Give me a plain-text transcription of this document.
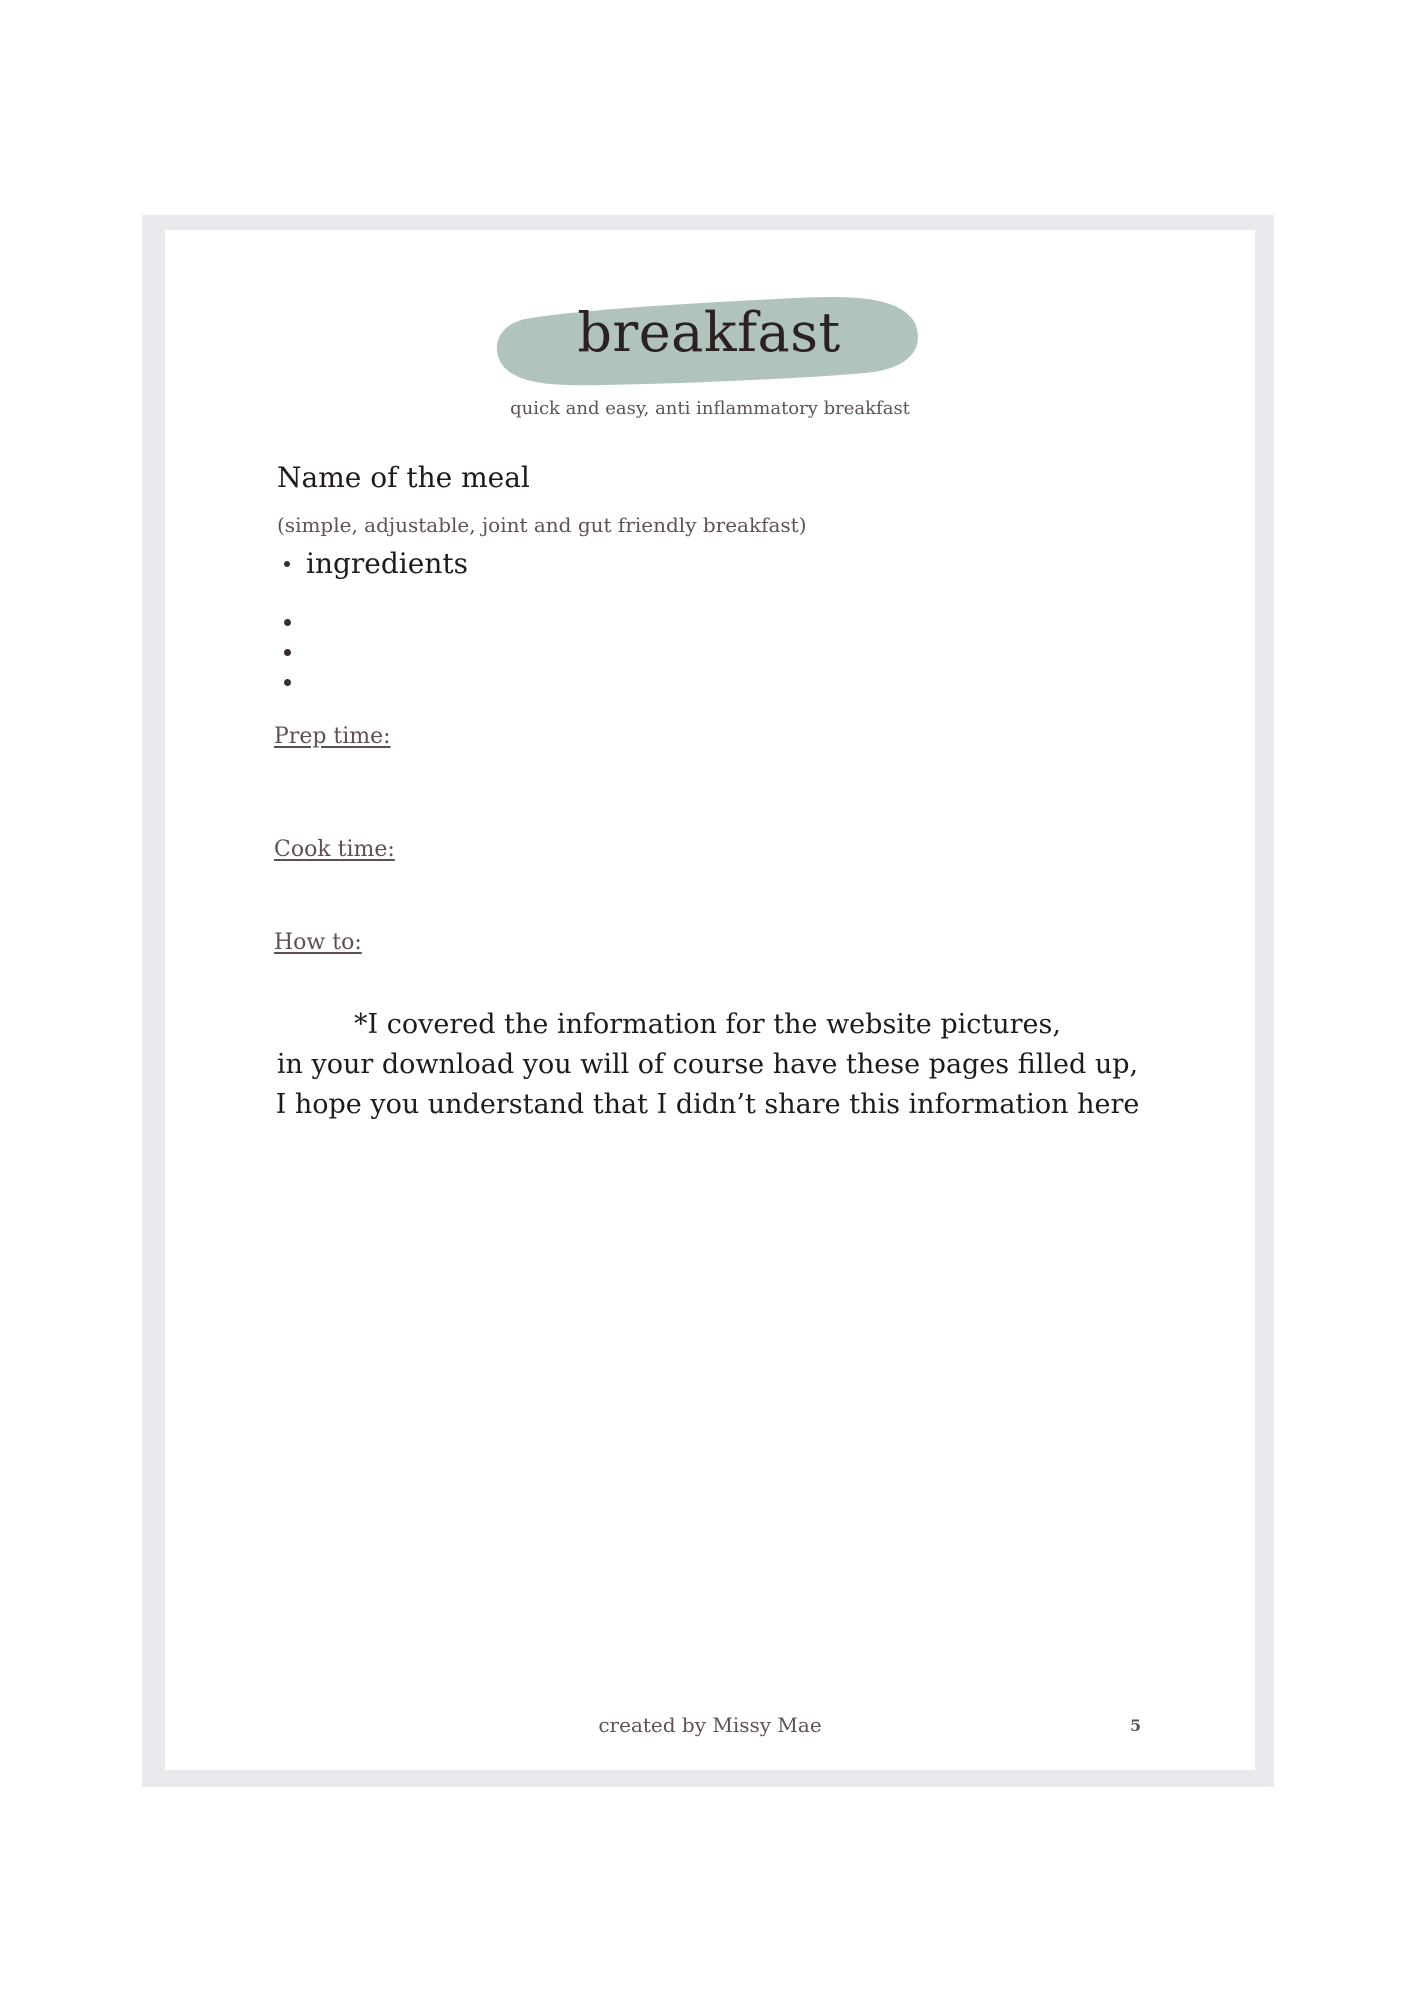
breakfast
quick and easy, anti inflammatory breakfast
Name of the meal
(simple, adjustable, joint and gut friendly breakfast)
ingredients
Prep time:
Cook time:
How to:
*I covered the information for the website pictures,
in your download you will of course have these pages filled up,
I hope you understand that I didn’t share this information here
created by Missy Mae	5
